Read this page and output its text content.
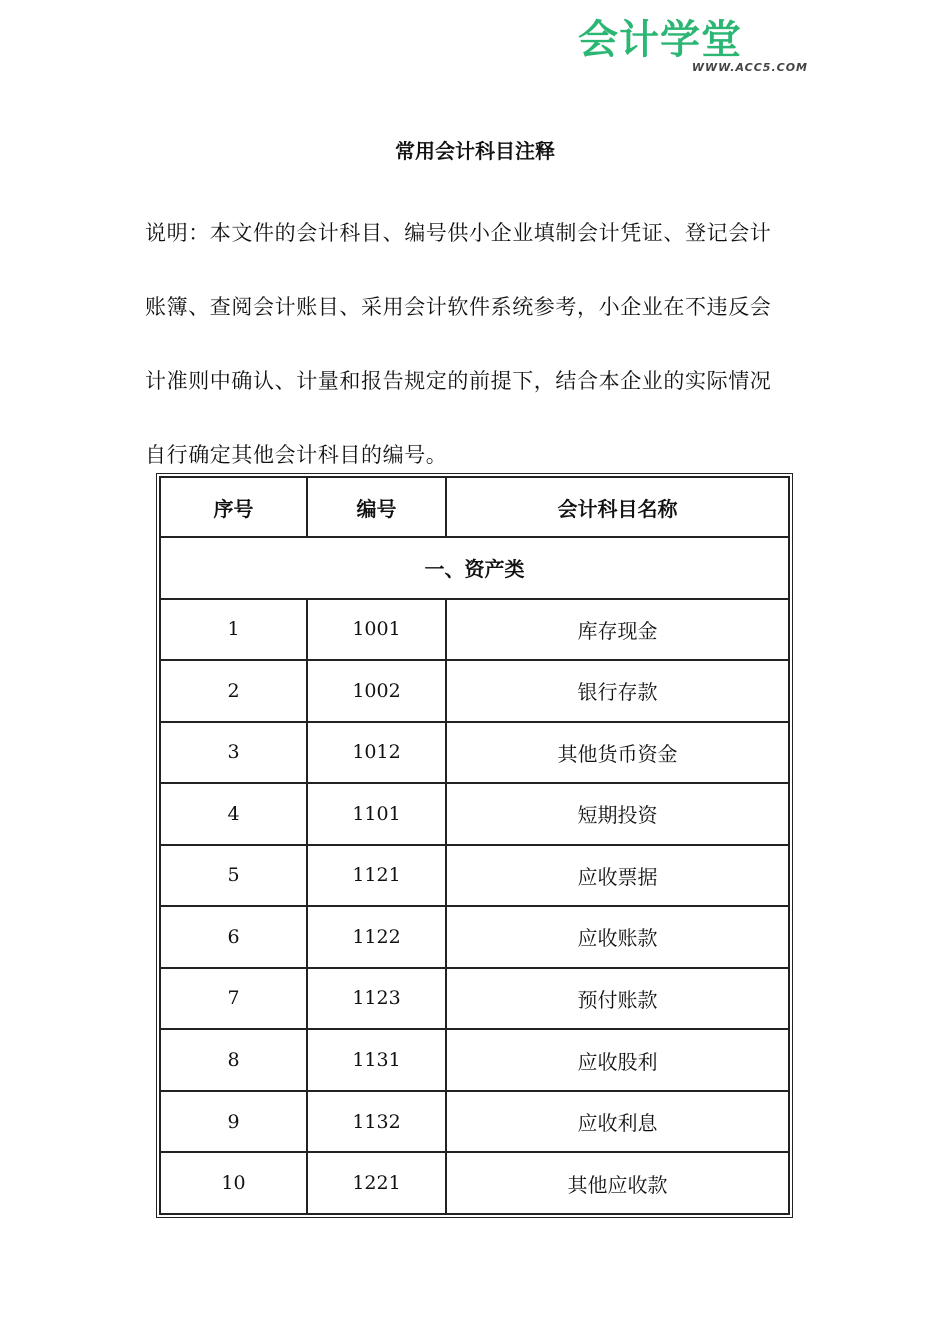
会计学堂
WWW.ACC5.COM
常用会计科目注释

说明：本文件的会计科目、编号供小企业填制会计凭证、登记会计
账簿、查阅会计账目、采用会计软件系统参考，小企业在不违反会
计准则中确认、计量和报告规定的前提下，结合本企业的实际情况
自行确定其他会计科目的编号。

序号	编号	会计科目名称
一、资产类		
1	1001	库存现金
2	1002	银行存款
3	1012	其他货币资金
4	1101	短期投资
5	1121	应收票据
6	1122	应收账款
7	1123	预付账款
8	1131	应收股利
9	1132	应收利息
10	1221	其他应收款
